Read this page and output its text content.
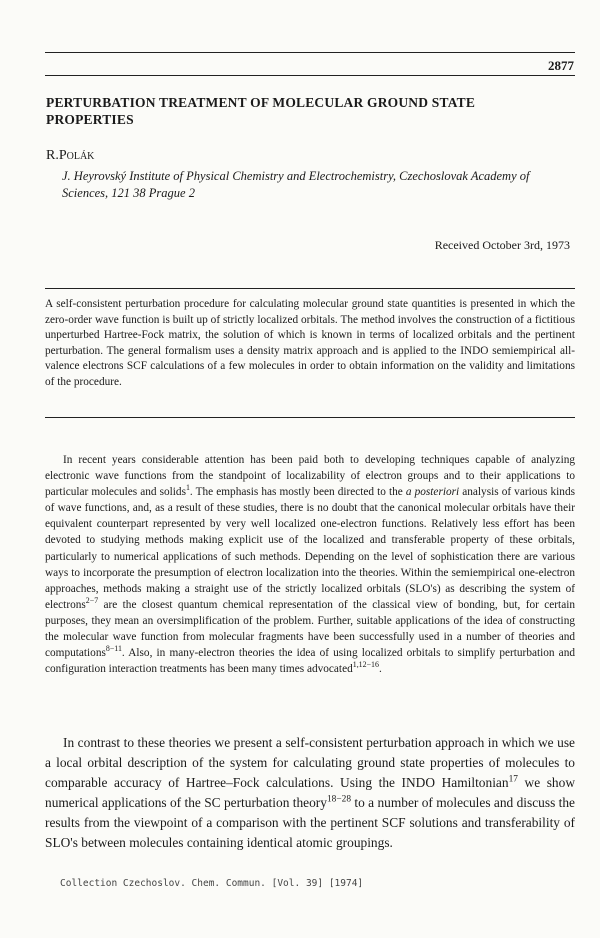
2877
PERTURBATION TREATMENT OF MOLECULAR GROUND STATE PROPERTIES
R.Polák
J. Heyrovský Institute of Physical Chemistry and Electrochemistry, Czechoslovak Academy of Sciences, 121 38 Prague 2
Received October 3rd, 1973
A self-consistent perturbation procedure for calculating molecular ground state quantities is presented in which the zero-order wave function is built up of strictly localized orbitals. The method involves the construction of a fictitious unperturbed Hartree-Fock matrix, the solution of which is known in terms of localized orbitals and the pertinent perturbation. The general formalism uses a density matrix approach and is applied to the INDO semiempirical all-valence electrons SCF calculations of a few molecules in order to obtain information on the validity and limitations of the procedure.

In recent years considerable attention has been paid both to developing techniques capable of analyzing electronic wave functions from the standpoint of localizability of electron groups and to their applications to particular molecules and solids$^1$. The emphasis has mostly been directed to the a posteriori analysis of various kinds of wave functions, and, as a result of these studies, there is no doubt that the canonical molecular orbitals have their equivalent counterpart represented by very well localized one-electron functions. Relatively less effort has been devoted to studying methods making explicit use of the localized and transferable property of these orbitals, particularly to numerical applications of such methods. Depending on the level of sophistication there are various ways to incorporate the presumption of electron localization into the theories. Within the semiempirical one-electron approaches, methods making a straight use of the strictly localized orbitals (SLO's) as describing the system of electrons$^{2-7}$ are the closest quantum chemical representation of the classical view of bonding, but, for certain purposes, they mean an oversimplification of the problem. Further, suitable applications of the idea of constructing the molecular wave function from molecular fragments have been successfully used in a number of theories and computations$^{8-11}$. Also, in many-electron theories the idea of using localized orbitals to simplify perturbation and configuration interaction treatments has been many times advocated$^{1,12-16}$.

In contrast to these theories we present a self-consistent perturbation approach in which we use a local orbital description of the system for calculating ground state properties of molecules to comparable accuracy of Hartree–Fock calculations. Using the INDO Hamiltonian$^{17}$ we show numerical applications of the SC perturbation theory$^{18-28}$ to a number of molecules and discuss the results from the viewpoint of a comparison with the pertinent SCF solutions and transferability of SLO's between molecules containing identical atomic groupings.

Collection Czechoslov. Chem. Commun. [Vol. 39] [1974]
